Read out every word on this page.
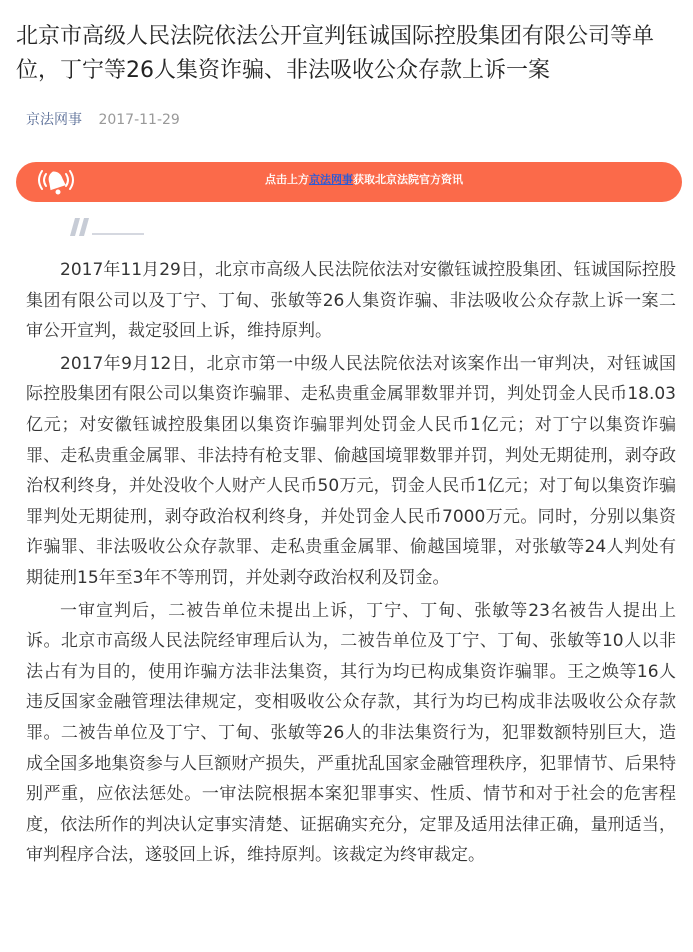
北京市高级人民法院依法公开宣判钰诚国际控股集团有限公司等单位，丁宁等26人集资诈骗、非法吸收公众存款上诉一案
京法网事 2017-11-29
点击上方京法网事获取北京法院官方资讯

2017年11月29日，北京市高级人民法院依法对安徽钰诚控股集团、钰诚国际控股集团有限公司以及丁宁、丁甸、张敏等26人集资诈骗、非法吸收公众存款上诉一案二审公开宣判，裁定驳回上诉，维持原判。

2017年9月12日，北京市第一中级人民法院依法对该案作出一审判决，对钰诚国际控股集团有限公司以集资诈骗罪、走私贵重金属罪数罪并罚，判处罚金人民币18.03亿元；对安徽钰诚控股集团以集资诈骗罪判处罚金人民币1亿元；对丁宁以集资诈骗罪、走私贵重金属罪、非法持有枪支罪、偷越国境罪数罪并罚，判处无期徒刑，剥夺政治权利终身，并处没收个人财产人民币50万元，罚金人民币1亿元；对丁甸以集资诈骗罪判处无期徒刑，剥夺政治权利终身，并处罚金人民币7000万元。同时，分别以集资诈骗罪、非法吸收公众存款罪、走私贵重金属罪、偷越国境罪，对张敏等24人判处有期徒刑15年至3年不等刑罚，并处剥夺政治权利及罚金。

一审宣判后，二被告单位未提出上诉，丁宁、丁甸、张敏等23名被告人提出上诉。北京市高级人民法院经审理后认为，二被告单位及丁宁、丁甸、张敏等10人以非法占有为目的，使用诈骗方法非法集资，其行为均已构成集资诈骗罪。王之焕等16人违反国家金融管理法律规定，变相吸收公众存款，其行为均已构成非法吸收公众存款罪。二被告单位及丁宁、丁甸、张敏等26人的非法集资行为，犯罪数额特别巨大，造成全国多地集资参与人巨额财产损失，严重扰乱国家金融管理秩序，犯罪情节、后果特别严重，应依法惩处。一审法院根据本案犯罪事实、性质、情节和对于社会的危害程度，依法所作的判决认定事实清楚、证据确实充分，定罪及适用法律正确，量刑适当，审判程序合法，遂驳回上诉，维持原判。该裁定为终审裁定。
